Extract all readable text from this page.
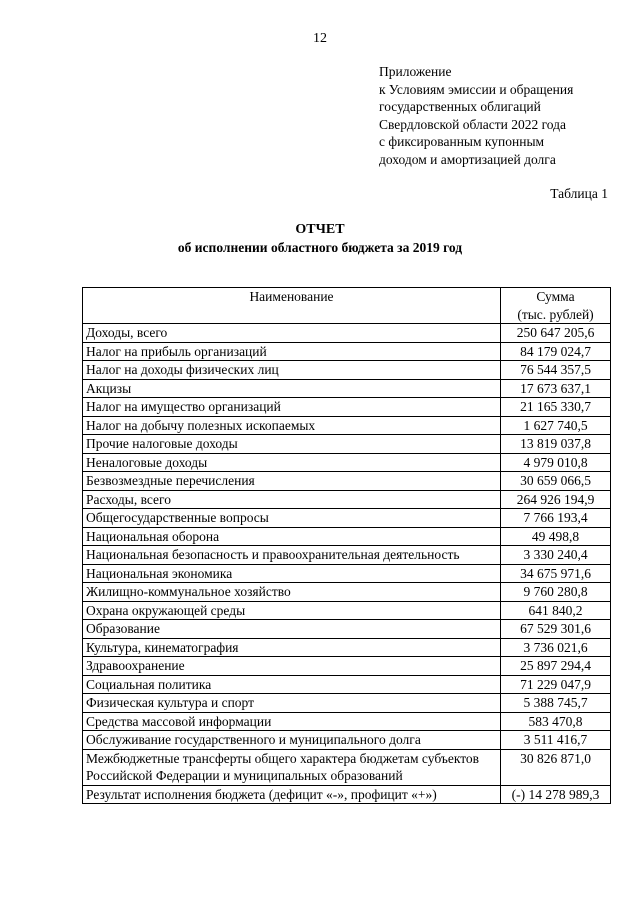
12
Приложение
к Условиям эмиссии и обращения
государственных облигаций
Свердловской области 2022 года
с фиксированным купонным
доходом и амортизацией долга
Таблица 1
ОТЧЕТ
об исполнении областного бюджета за 2019 год
Наименование	Сумма
(тыс. рублей)

Доходы, всего	250 647 205,6
Налог на прибыль организаций	84 179 024,7
Налог на доходы физических лиц	76 544 357,5
Акцизы	17 673 637,1
Налог на имущество организаций	21 165 330,7
Налог на добычу полезных ископаемых	1 627 740,5
Прочие налоговые доходы	13 819 037,8
Неналоговые доходы	4 979 010,8
Безвозмездные перечисления	30 659 066,5
Расходы, всего	264 926 194,9
Общегосударственные вопросы	7 766 193,4
Национальная оборона	49 498,8
Национальная безопасность и правоохранительная деятельность	3 330 240,4
Национальная экономика	34 675 971,6
Жилищно-коммунальное хозяйство	9 760 280,8
Охрана окружающей среды	641 840,2
Образование	67 529 301,6
Культура, кинематография	3 736 021,6
Здравоохранение	25 897 294,4
Социальная политика	71 229 047,9
Физическая культура и спорт	5 388 745,7
Средства массовой информации	583 470,8
Обслуживание государственного и муниципального долга	3 511 416,7
Межбюджетные трансферты общего характера бюджетам субъектов Российской Федерации и муниципальных образований	30 826 871,0
Результат исполнения бюджета (дефицит «-», профицит «+»)	(-) 14 278 989,3
